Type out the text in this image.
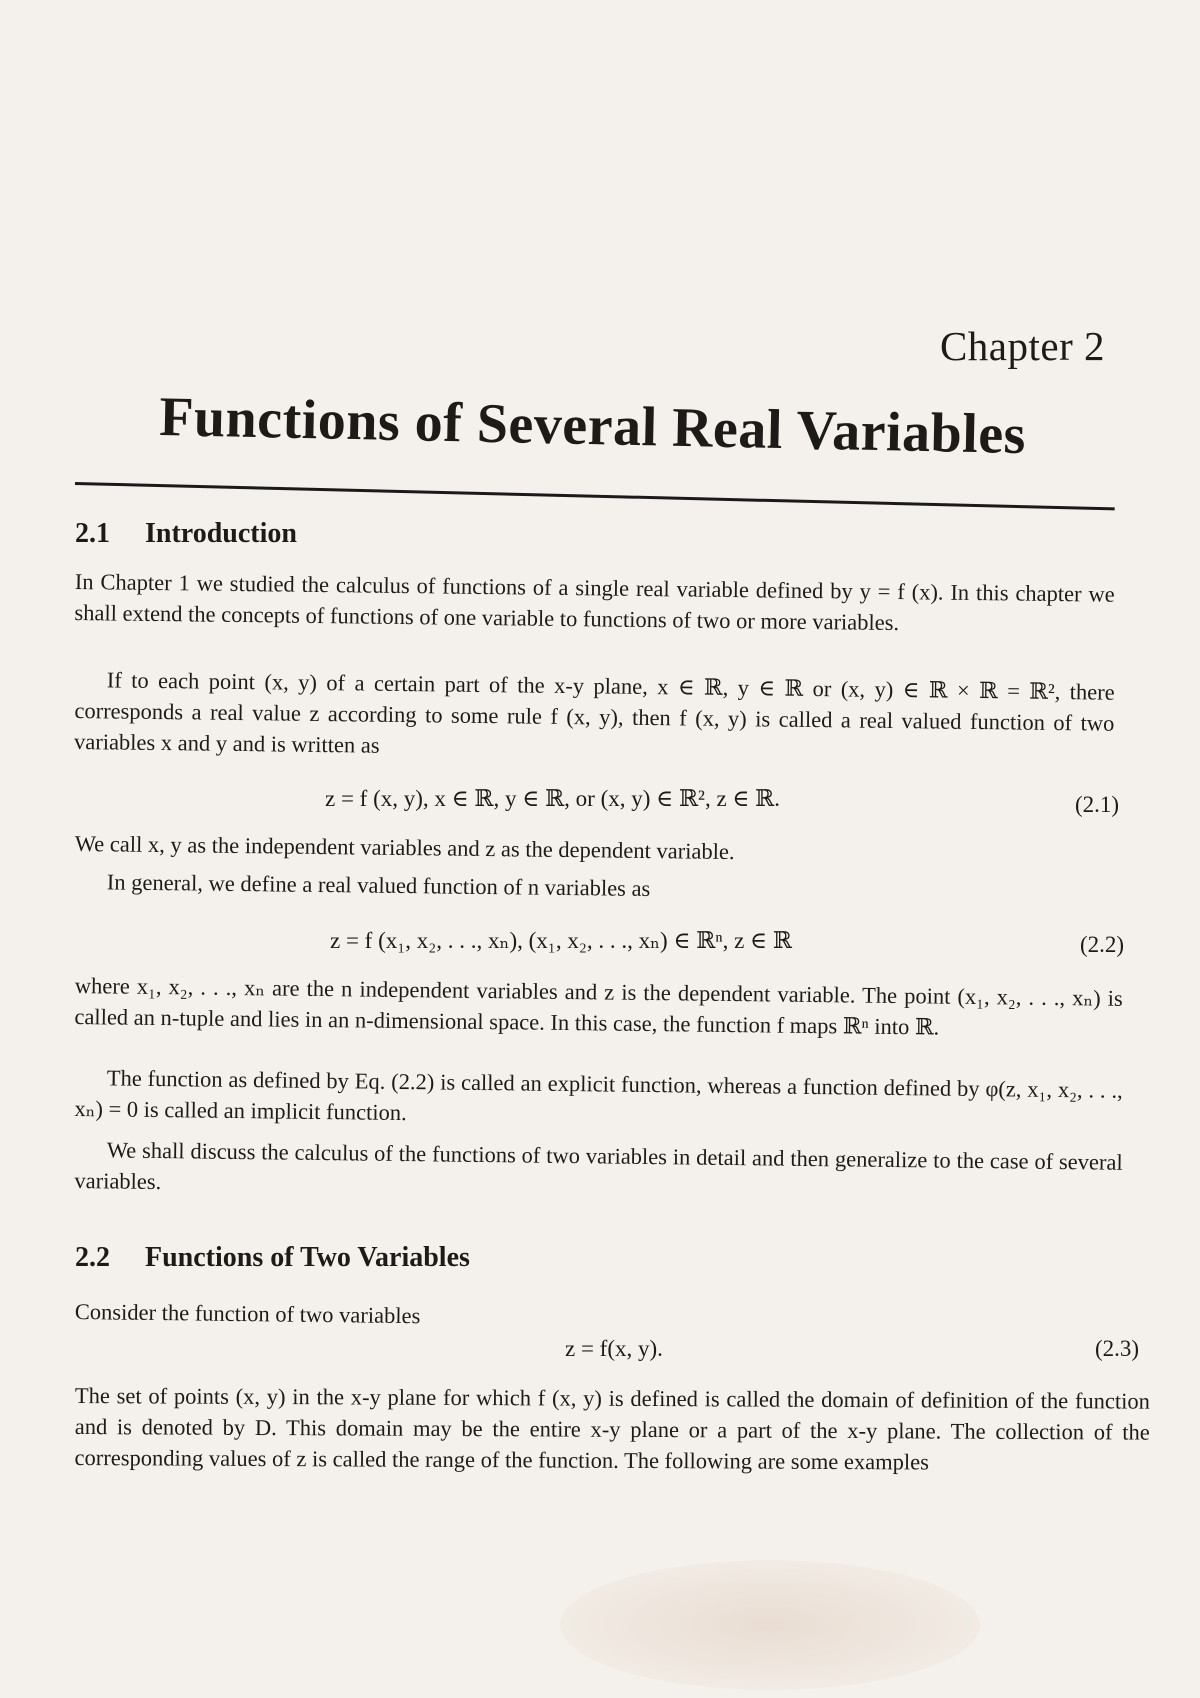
Chapter 2
Functions of Several Real Variables
2.1 Introduction

In Chapter 1 we studied the calculus of functions of a single real variable defined by y = f (x). In this chapter we shall extend the concepts of functions of one variable to functions of two or more variables.

If to each point (x, y) of a certain part of the x-y plane, x ∈ ℝ, y ∈ ℝ or (x, y) ∈ ℝ × ℝ = ℝ², there corresponds a real value z according to some rule f (x, y), then f (x, y) is called a real valued function of two variables x and y and is written as

z = f (x, y), x ∈ ℝ, y ∈ ℝ, or (x, y) ∈ ℝ², z ∈ ℝ.	(2.1)

We call x, y as the independent variables and z as the dependent variable.

In general, we define a real valued function of n variables as

z = f (x₁, x₂, . . ., xₙ), (x₁, x₂, . . ., xₙ) ∈ ℝⁿ, z ∈ ℝ	(2.2)

where x₁, x₂, . . ., xₙ are the n independent variables and z is the dependent variable. The point (x₁, x₂, . . ., xₙ) is called an n-tuple and lies in an n-dimensional space. In this case, the function f maps ℝⁿ into ℝ.

The function as defined by Eq. (2.2) is called an explicit function, whereas a function defined by φ(z, x₁, x₂, . . ., xₙ) = 0 is called an implicit function.

We shall discuss the calculus of the functions of two variables in detail and then generalize to the case of several variables.

2.2 Functions of Two Variables

Consider the function of two variables

z = f(x, y).	(2.3)

The set of points (x, y) in the x-y plane for which f (x, y) is defined is called the domain of definition of the function and is denoted by D. This domain may be the entire x-y plane or a part of the x-y plane. The collection of the corresponding values of z is called the range of the function. The following are some examples
